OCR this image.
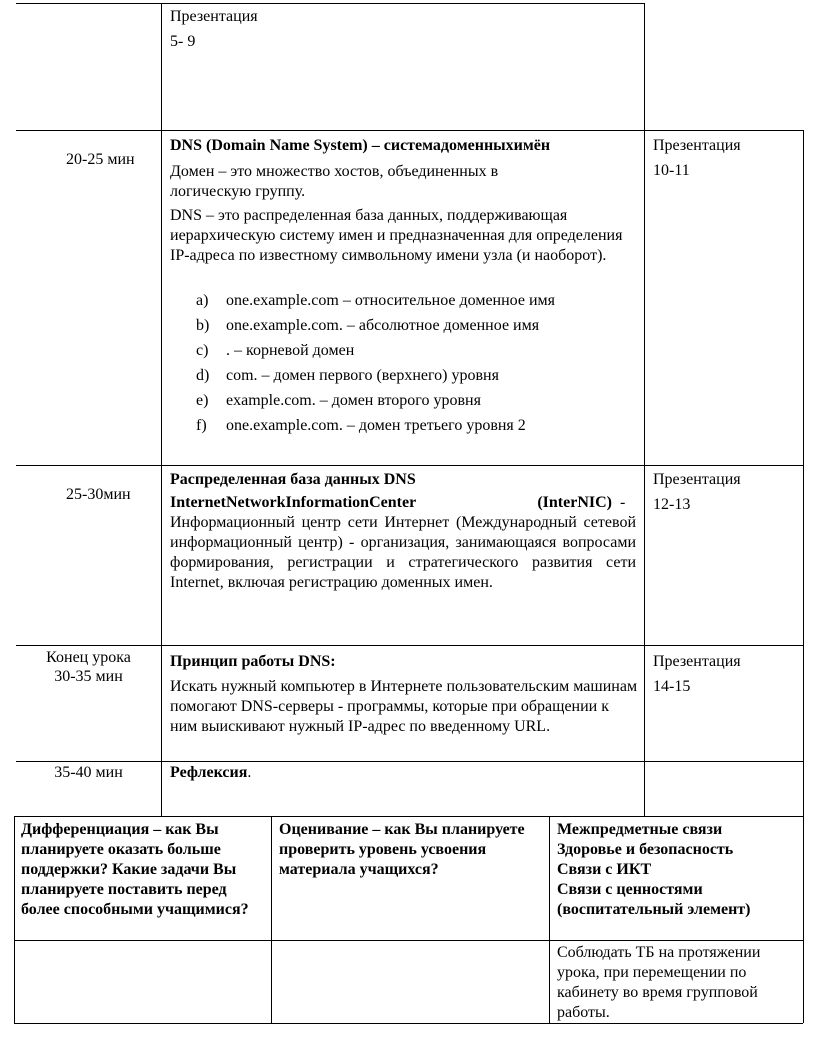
Презентация
5- 9
20-25 мин
DNS (Domain Name System) – системадоменныхимён

Домен – это множество хостов, объединенных в логическую группу.

DNS – это распределенная база данных, поддерживающая иерархическую систему имен и предназначенная для определения IP-адреса по известному символьному имени узла (и наоборот).

a) one.example.com – относительное доменное имя
b) one.example.com. – абсолютное доменное имя
c) . – корневой домен
d) com. – домен первого (верхнего) уровня
e) example.com. – домен второго уровня
f) one.example.com. – домен третьего уровня 2
Презентация
10-11
25-30мин
Распределенная база данных DNS
InternetNetworkInformationCenter (InterNIC) - Информационный центр сети Интернет (Международный сетевой информационный центр) - организация, занимающаяся вопросами формирования, регистрации и стратегического развития сети Internet, включая регистрацию доменных имен.

Презентация
12-13
Конец урока
30-35 мин
Принцип работы DNS:

Искать нужный компьютер в Интернете пользовательским машинам помогают DNS-серверы - программы, которые при обращении к ним выискивают нужный IP-адрес по введенному URL.

Презентация
14-15
35-40 мин	Рефлексия.

Дифференциация – как Вы планируете оказать больше поддержки? Какие задачи Вы планируете поставить перед более способными учащимися?

Оценивание – как Вы планируете проверить уровень усвоения материала учащихся?

Межпредметные связи
Здоровье и безопасность
Связи с ИКТ
Связи с ценностями (воспитательный элемент)

Соблюдать ТБ на протяжении урока, при перемещении по кабинету во время групповой работы.
